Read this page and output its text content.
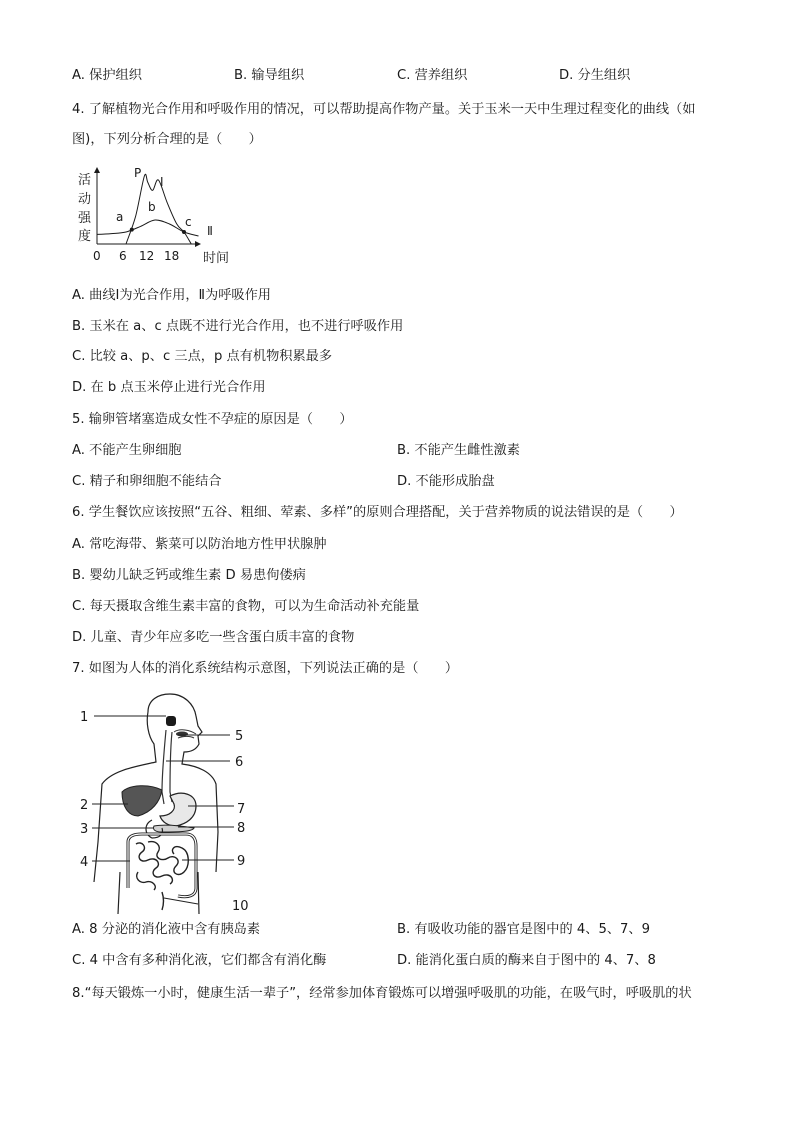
A. 保护组织	B. 输导组织	C. 营养组织	D. 分生组织
4. 了解植物光合作用和呼吸作用的情况，可以帮助提高作物产量。关于玉米一天中生理过程变化的曲线（如
图)，下列分析合理的是（　　）
活
动
强
度
P
a
b
c
Ⅰ
Ⅱ
0 6 12 18 时间
A. 曲线Ⅰ为光合作用，Ⅱ为呼吸作用
B. 玉米在 a、c 点既不进行光合作用，也不进行呼吸作用
C. 比较 a、p、c 三点，p 点有机物积累最多
D. 在 b 点玉米停止进行光合作用
5. 输卵管堵塞造成女性不孕症的原因是（　　）
A. 不能产生卵细胞	B. 不能产生雌性激素
C. 精子和卵细胞不能结合	D. 不能形成胎盘
6. 学生餐饮应该按照“五谷、粗细、荤素、多样”的原则合理搭配，关于营养物质的说法错误的是（　　）
A. 常吃海带、紫菜可以防治地方性甲状腺肿
B. 婴幼儿缺乏钙或维生素 D 易患佝偻病
C. 每天摄取含维生素丰富的食物，可以为生命活动补充能量
D. 儿童、青少年应多吃一些含蛋白质丰富的食物
7. 如图为人体的消化系统结构示意图，下列说法正确的是（　　）
1
2
3
4
5
6
7
8
9
10
A. 8 分泌的消化液中含有胰岛素	B. 有吸收功能的器官是图中的 4、5、7、9
C. 4 中含有多种消化液，它们都含有消化酶	D. 能消化蛋白质的酶来自于图中的 4、7、8
8.“每天锻炼一小时，健康生活一辈子”，经常参加体育锻炼可以增强呼吸肌的功能，在吸气时，呼吸肌的状
